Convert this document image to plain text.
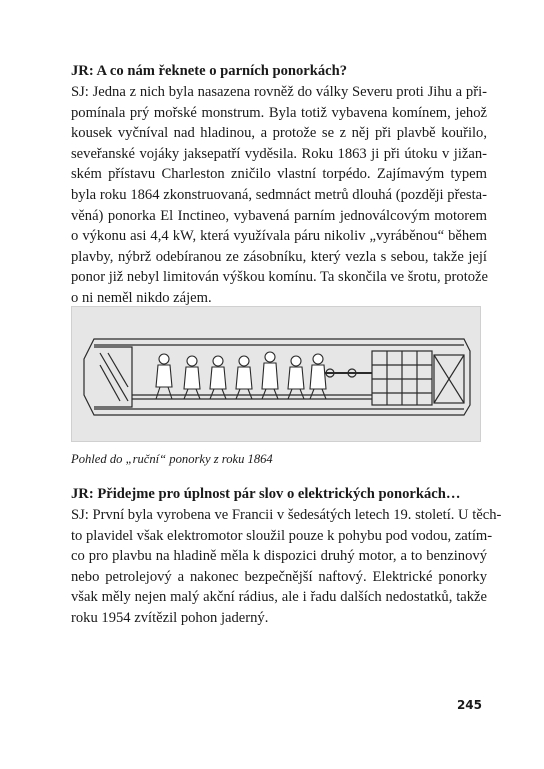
JR: A co nám řeknete o parních ponorkách?

SJ: Jedna z nich byla nasazena rovněž do války Severu proti Jihu a při-
pomínala prý mořské monstrum. Byla totiž vybavena komínem, jehož
kousek vyčníval nad hladinou, a protože se z něj při plavbě kouřilo,
seveřanské vojáky jaksepatří vyděsila. Roku 1863 ji při útoku v jižan-
ském přístavu Charleston zničilo vlastní torpédo. Zajímavým typem
byla roku 1864 zkonstruovaná, sedmnáct metrů dlouhá (později přesta-
věná) ponorka El Inctineo, vybavená parním jednoválcovým motorem
o výkonu asi 4,4 kW, která využívala páru nikoliv „vyráběnou“ během
plavby, nýbrž odebíranou ze zásobníku, který vezla s sebou, takže její
ponor již nebyl limitován výškou komínu. Ta skončila ve šrotu, protože
o ni neměl nikdo zájem.
Pohled do „ruční“ ponorky z roku 1864

JR: Přidejme pro úplnost pár slov o elektrických ponorkách…

SJ: První byla vyrobena ve Francii v šedesátých letech 19. století. U těch-
to plavidel však elektromotor sloužil pouze k pohybu pod vodou, zatím-
co pro plavbu na hladině měla k dispozici druhý motor, a to benzinový
nebo petrolejový a nakonec bezpečnější naftový. Elektrické ponorky
však měly nejen malý akční rádius, ale i řadu dalších nedostatků, takže
roku 1954 zvítězil pohon jaderný.
245
